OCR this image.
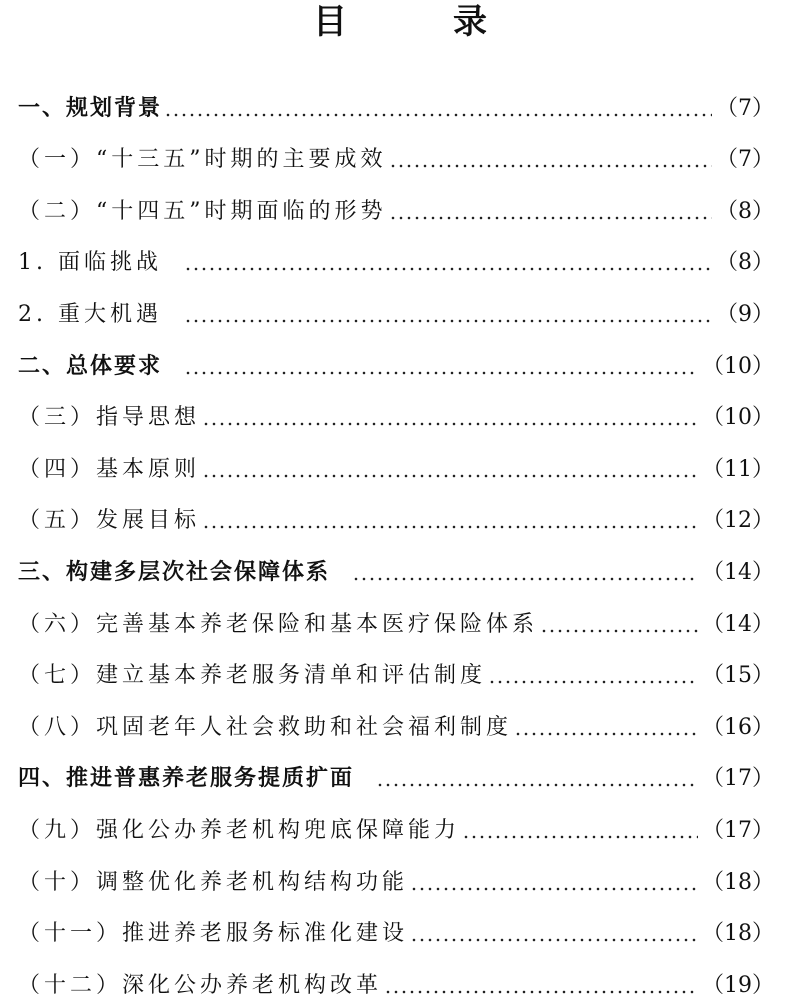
目　录
一、规划背景	（7）
（一）“十三五”时期的主要成效	（7）
（二）“十四五”时期面临的形势	（8）
1. 面临挑战	（8）
2. 重大机遇	（9）
二、总体要求	（10）
（三）指导思想	（10）
（四）基本原则	（11）
（五）发展目标	（12）
三、构建多层次社会保障体系	（14）
（六）完善基本养老保险和基本医疗保险体系	（14）
（七）建立基本养老服务清单和评估制度	（15）
（八）巩固老年人社会救助和社会福利制度	（16）
四、推进普惠养老服务提质扩面	（17）
（九）强化公办养老机构兜底保障能力	（17）
（十）调整优化养老机构结构功能	（18）
（十一）推进养老服务标准化建设	（18）
（十二）深化公办养老机构改革	（19）
